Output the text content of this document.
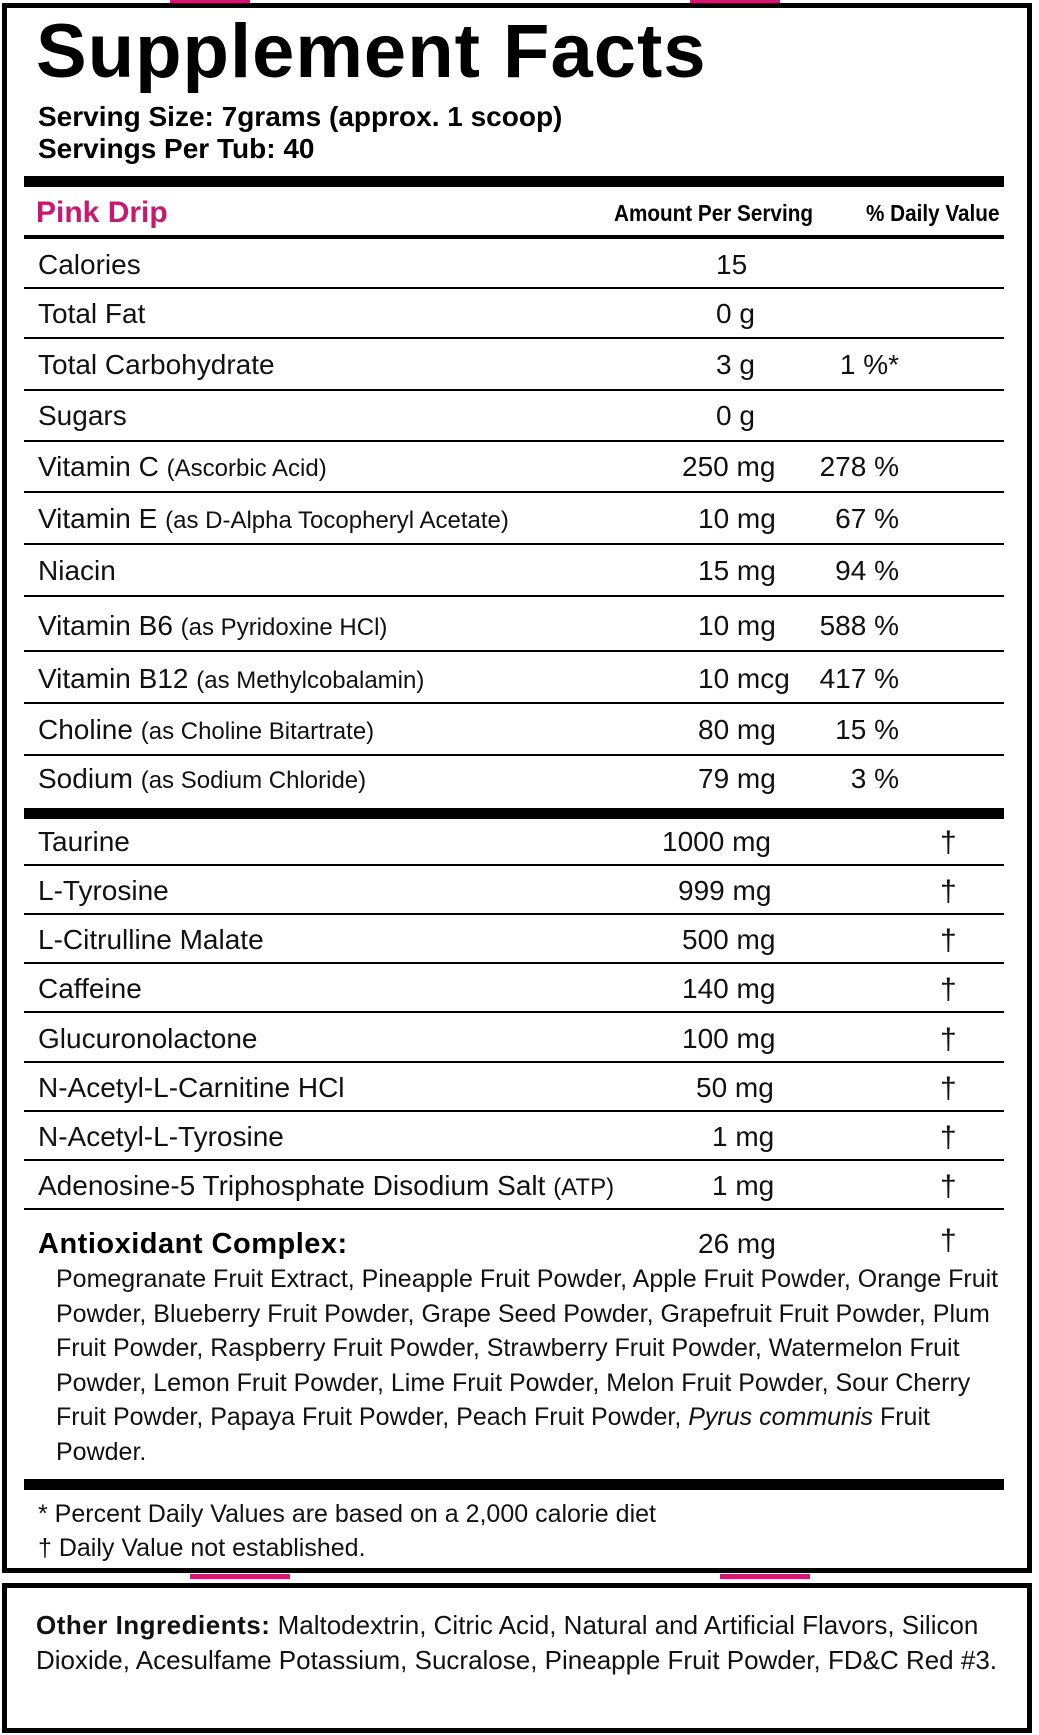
Supplement Facts
Serving Size: 7grams (approx. 1 scoop)
Servings Per Tub: 40
Pink Drip	Amount Per Serving % Daily Value
Calories	15
Total Fat	0 g
Total Carbohydrate	3 g	1 %*
Sugars	0 g
Vitamin C (Ascorbic Acid)	250 mg 278 %
Vitamin E (as D-Alpha Tocopheryl Acetate)	10 mg 67 %
Niacin	15 mg 94 %
Vitamin B6 (as Pyridoxine HCl)	10 mg 588 %
Vitamin B12 (as Methylcobalamin)	10 mcg 417 %
Choline (as Choline Bitartrate)	80 mg 15 %
Sodium (as Sodium Chloride)	79 mg	3 %
Taurine	1000 mg	†
L-Tyrosine	999 mg	†
L-Citrulline Malate	500 mg	†
Caffeine	140 mg	†
Glucuronolactone	100 mg	†
N-Acetyl-L-Carnitine HCl	50 mg	†
N-Acetyl-L-Tyrosine	1 mg	†
Adenosine-5 Triphosphate Disodium Salt (ATP)	1 mg	†
Antioxidant Complex:	26 mg	†
Pomegranate Fruit Extract, Pineapple Fruit Powder, Apple Fruit Powder, Orange Fruit Powder, Blueberry Fruit Powder, Grape Seed Powder, Grapefruit Fruit Powder, Plum Fruit Powder, Raspberry Fruit Powder, Strawberry Fruit Powder, Watermelon Fruit Powder, Lemon Fruit Powder, Lime Fruit Powder, Melon Fruit Powder, Sour Cherry Fruit Powder, Papaya Fruit Powder, Peach Fruit Powder, Pyrus communis Fruit Powder.
* Percent Daily Values are based on a 2,000 calorie diet
† Daily Value not established.
Other Ingredients: Maltodextrin, Citric Acid, Natural and Artificial Flavors, Silicon Dioxide, Acesulfame Potassium, Sucralose, Pineapple Fruit Powder, FD&C Red #3.
